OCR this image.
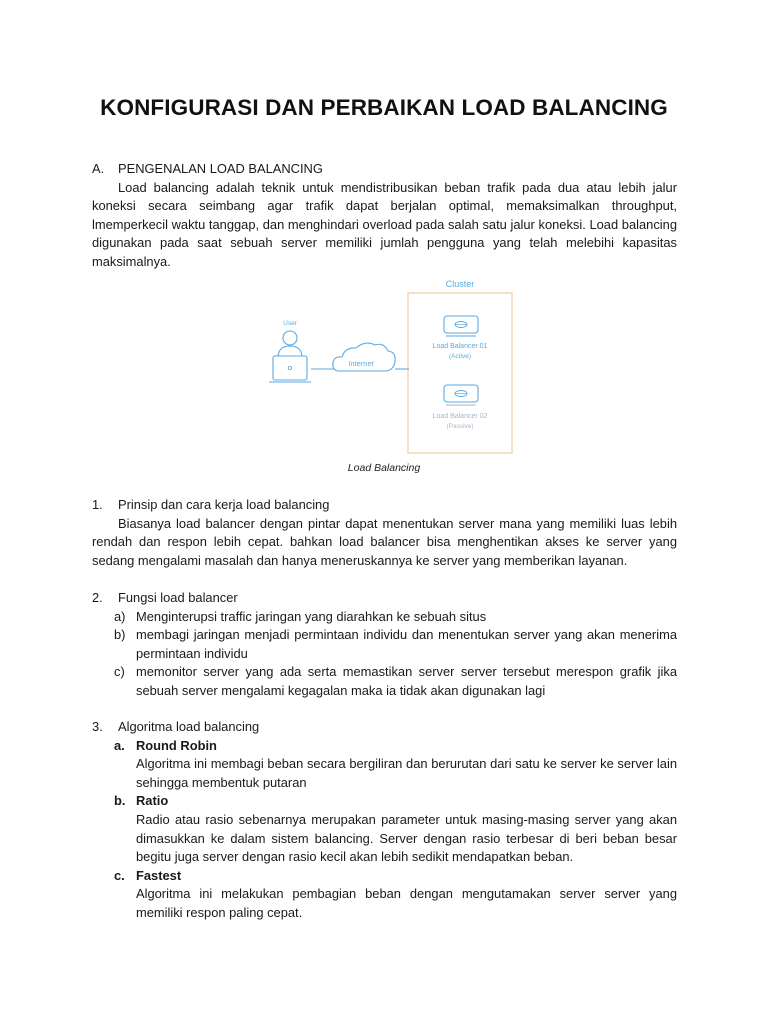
KONFIGURASI DAN PERBAIKAN LOAD BALANCING
A.	PENGENALAN LOAD BALANCING
Load balancing adalah teknik untuk mendistribusikan beban trafik pada dua atau lebih jalur koneksi secara seimbang agar trafik dapat berjalan optimal, memaksimalkan throughput, lmemperkecil waktu tanggap, dan menghindari overload pada salah satu jalur koneksi. Load balancing digunakan pada saat sebuah server memiliki jumlah pengguna yang telah melebihi kapasitas maksimalnya.
Cluster
User
Internet
Load Balancer 01
(Active)
Load Balancer 02
(Passive)
Load Balancing
1.	Prinsip dan cara kerja load balancing
Biasanya load balancer dengan pintar dapat menentukan server mana yang memiliki luas lebih rendah dan respon lebih cepat. bahkan load balancer bisa menghentikan akses ke server yang sedang mengalami masalah dan hanya meneruskannya ke server yang memberikan layanan.
2.	Fungsi load balancer
a) Menginterupsi traffic jaringan yang diarahkan ke sebuah situs
b) membagi jaringan menjadi permintaan individu dan menentukan server yang akan menerima permintaan individu
c) memonitor server yang ada serta memastikan server server tersebut merespon grafik jika sebuah server mengalami kegagalan maka ia tidak akan digunakan lagi
3.	Algoritma load balancing
a. Round Robin
Algoritma ini membagi beban secara bergiliran dan berurutan dari satu ke server ke server lain sehingga membentuk putaran
b. Ratio
Radio atau rasio sebenarnya merupakan parameter untuk masing-masing server yang akan dimasukkan ke dalam sistem balancing. Server dengan rasio terbesar di beri beban besar begitu juga server dengan rasio kecil akan lebih sedikit mendapatkan beban.
c. Fastest
Algoritma ini melakukan pembagian beban dengan mengutamakan server server yang memiliki respon paling cepat.
